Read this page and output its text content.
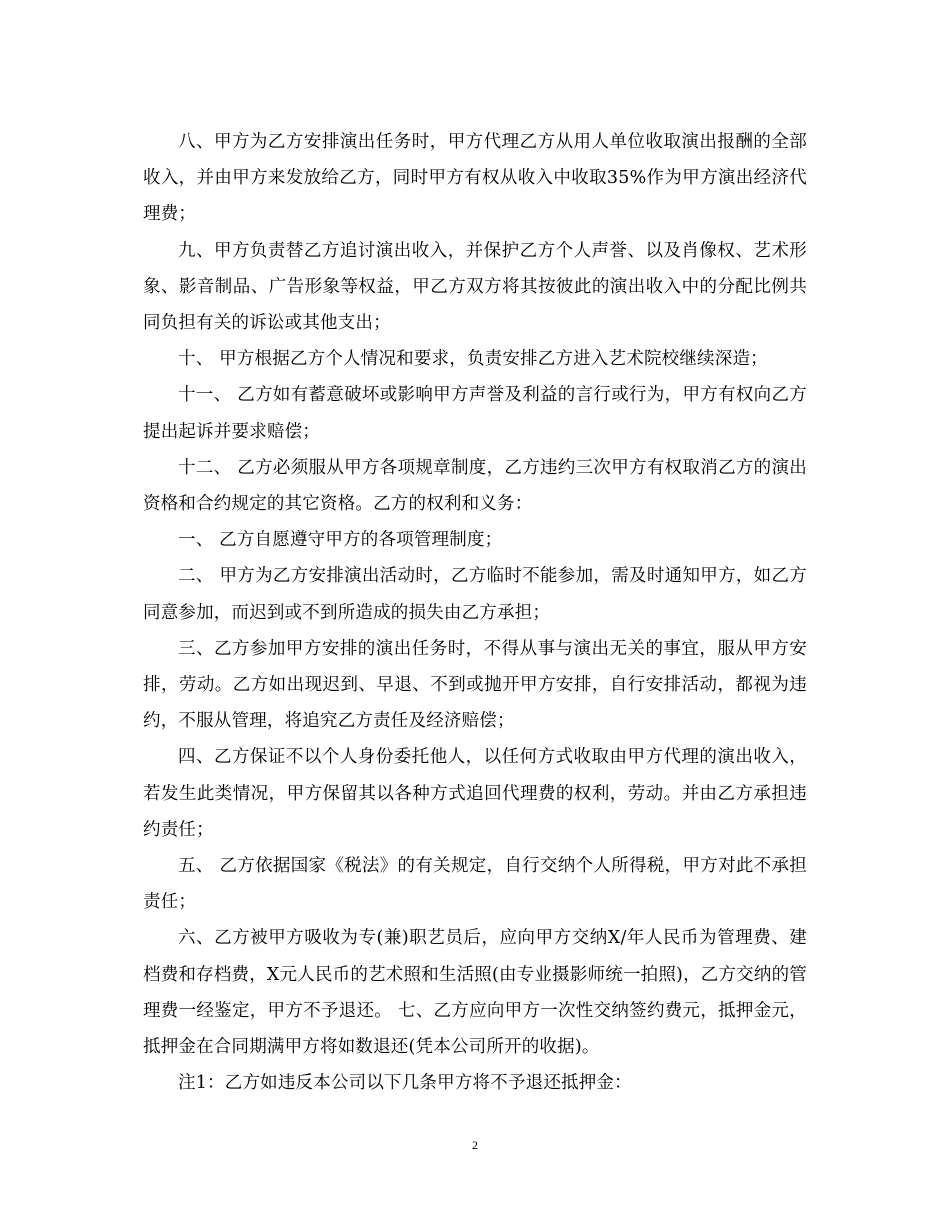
八、甲方为乙方安排演出任务时，甲方代理乙方从用人单位收取演出报酬的全部收入，并由甲方来发放给乙方，同时甲方有权从收入中收取35%作为甲方演出经济代理费；

九、甲方负责替乙方追讨演出收入，并保护乙方个人声誉、以及肖像权、艺术形象、影音制品、广告形象等权益，甲乙方双方将其按彼此的演出收入中的分配比例共同负担有关的诉讼或其他支出；

十、 甲方根据乙方个人情况和要求，负责安排乙方进入艺术院校继续深造；

十一、 乙方如有蓄意破坏或影响甲方声誉及利益的言行或行为，甲方有权向乙方提出起诉并要求赔偿；

十二、 乙方必须服从甲方各项规章制度，乙方违约三次甲方有权取消乙方的演出资格和合约规定的其它资格。乙方的权利和义务：

一、 乙方自愿遵守甲方的各项管理制度；

二、 甲方为乙方安排演出活动时，乙方临时不能参加，需及时通知甲方，如乙方同意参加，而迟到或不到所造成的损失由乙方承担；

三、乙方参加甲方安排的演出任务时，不得从事与演出无关的事宜，服从甲方安排，劳动。乙方如出现迟到、早退、不到或抛开甲方安排，自行安排活动，都视为违约，不服从管理，将追究乙方责任及经济赔偿；

四、乙方保证不以个人身份委托他人，以任何方式收取由甲方代理的演出收入，若发生此类情况，甲方保留其以各种方式追回代理费的权利，劳动。并由乙方承担违约责任；

五、 乙方依据国家《税法》的有关规定，自行交纳个人所得税，甲方对此不承担责任；

六、乙方被甲方吸收为专(兼)职艺员后，应向甲方交纳X/年人民币为管理费、建档费和存档费，X元人民币的艺术照和生活照(由专业摄影师统一拍照)，乙方交纳的管理费一经鉴定，甲方不予退还。 七、乙方应向甲方一次性交纳签约费元，抵押金元，抵押金在合同期满甲方将如数退还(凭本公司所开的收据)。

注1：乙方如违反本公司以下几条甲方将不予退还抵押金：

2
